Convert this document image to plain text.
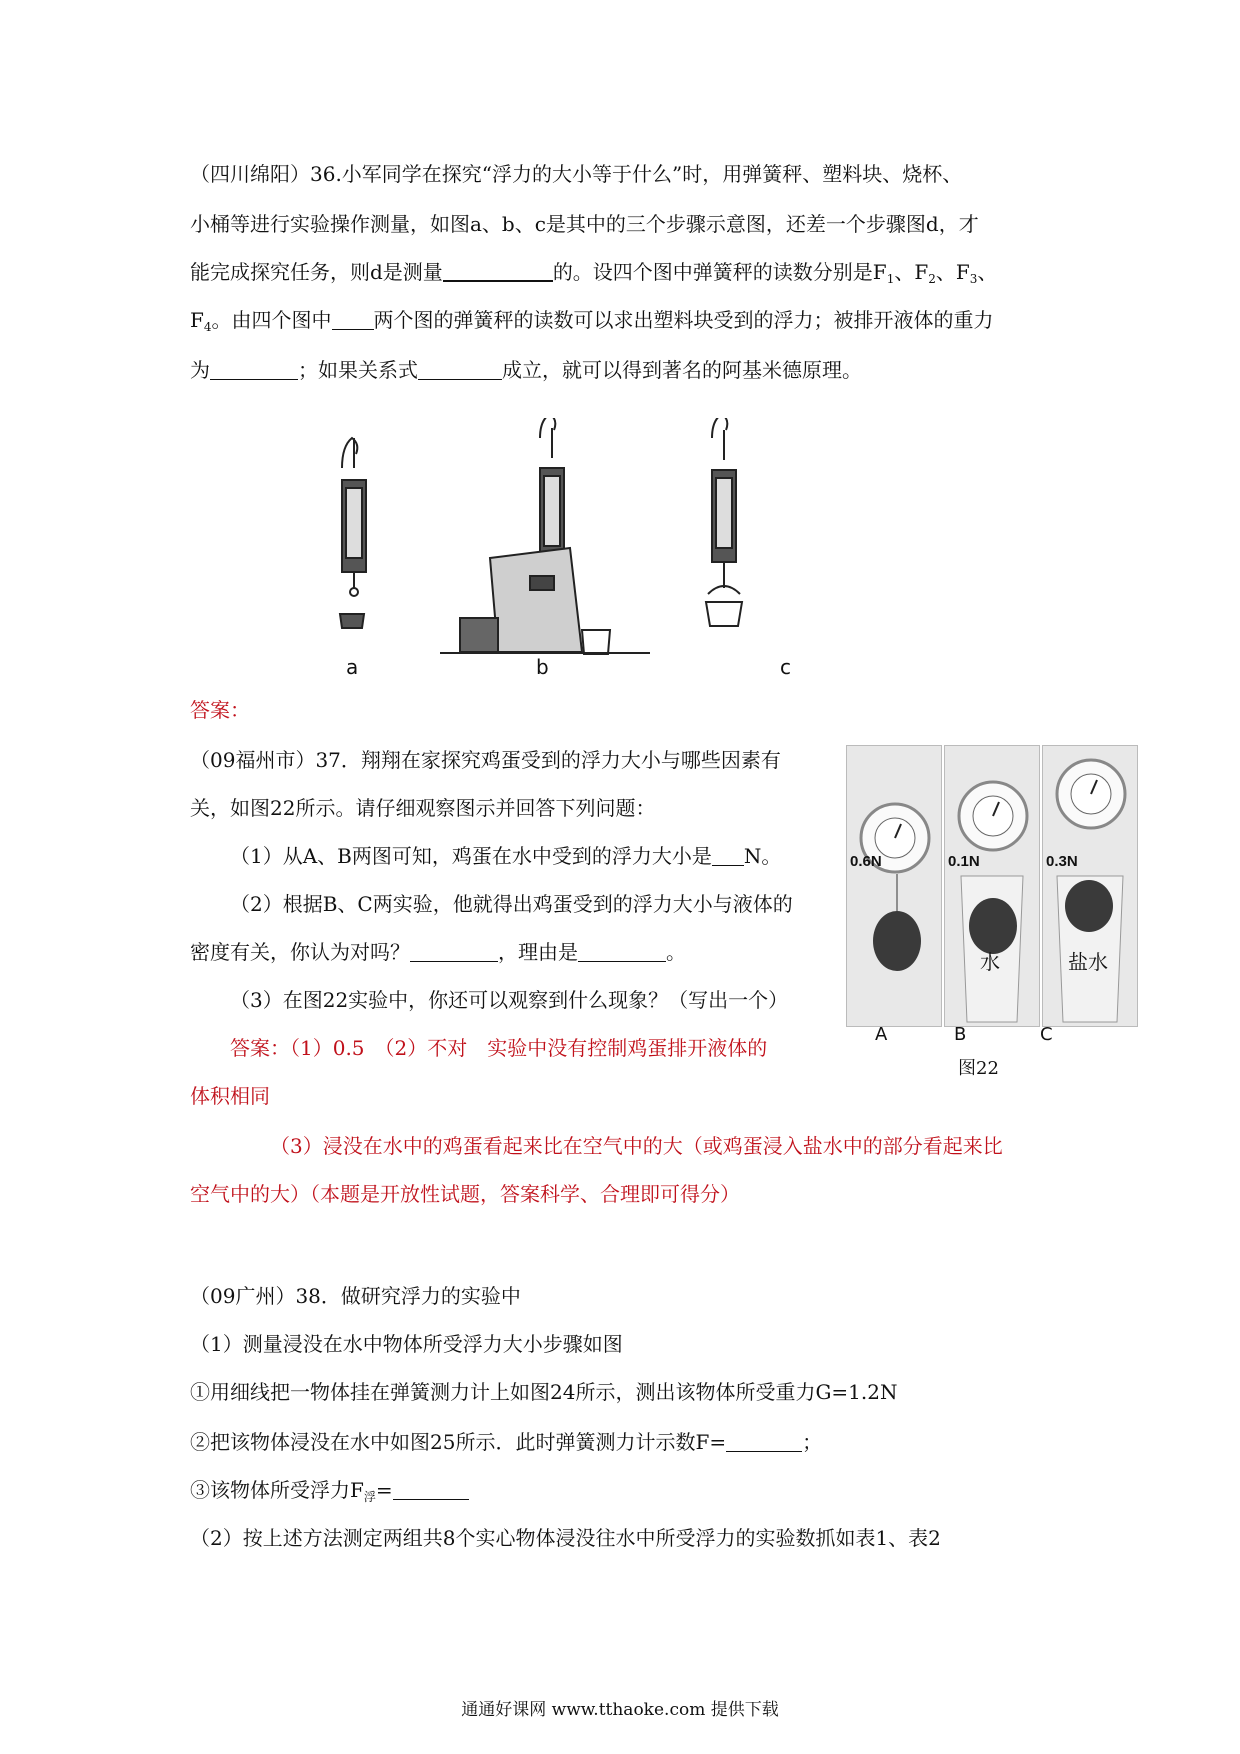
（四川绵阳）36.小军同学在探究“浮力的大小等于什么”时，用弹簧秤、塑料块、烧杯、
小桶等进行实验操作测量，如图a、b、c是其中的三个步骤示意图，还差一个步骤图d，才
能完成探究任务，则d是测量	的。设四个图中弹簧秤的读数分别是$F_1$、$F_2$、$F_3$、
$F_4$。由四个图中 两个图的弹簧秤的读数可以求出塑料块受到的浮力；被排开液体的重力
为	；如果关系式	成立，就可以得到著名的阿基米德原理。
a	b	c
答案：
（09福州市）37．翔翔在家探究鸡蛋受到的浮力大小与哪些因素有
关，如图22所示。请仔细观察图示并回答下列问题：
（1）从A、B两图可知，鸡蛋在水中受到的浮力大小是 N。
（2）根据B、C两实验，他就得出鸡蛋受到的浮力大小与液体的
密度有关，你认为对吗？	，理由是	。
（3）在图22实验中，你还可以观察到什么现象？（写出一个）
答案：（1）0.5　（2）不对　实验中没有控制鸡蛋排开液体的
体积相同
（3）浸没在水中的鸡蛋看起来比在空气中的大（或鸡蛋浸入盐水中的部分看起来比
空气中的大）（本题是开放性试题，答案科学、合理即可得分）
0.6N	0.1N	0.3N
水	盐水
A	B	C
图22
（09广州）38．做研究浮力的实验中
（1）测量浸没在水中物体所受浮力大小步骤如图
①用细线把一物体挂在弹簧测力计上如图24所示，测出该物体所受重力G=1.2N
②把该物体浸没在水中如图25所示．此时弹簧测力计示数F=	；
③该物体所受浮力$F_浮=$
（2）按上述方法测定两组共8个实心物体浸没往水中所受浮力的实验数抓如表1、表2
通通好课网 www.tthaoke.com 提供下载
